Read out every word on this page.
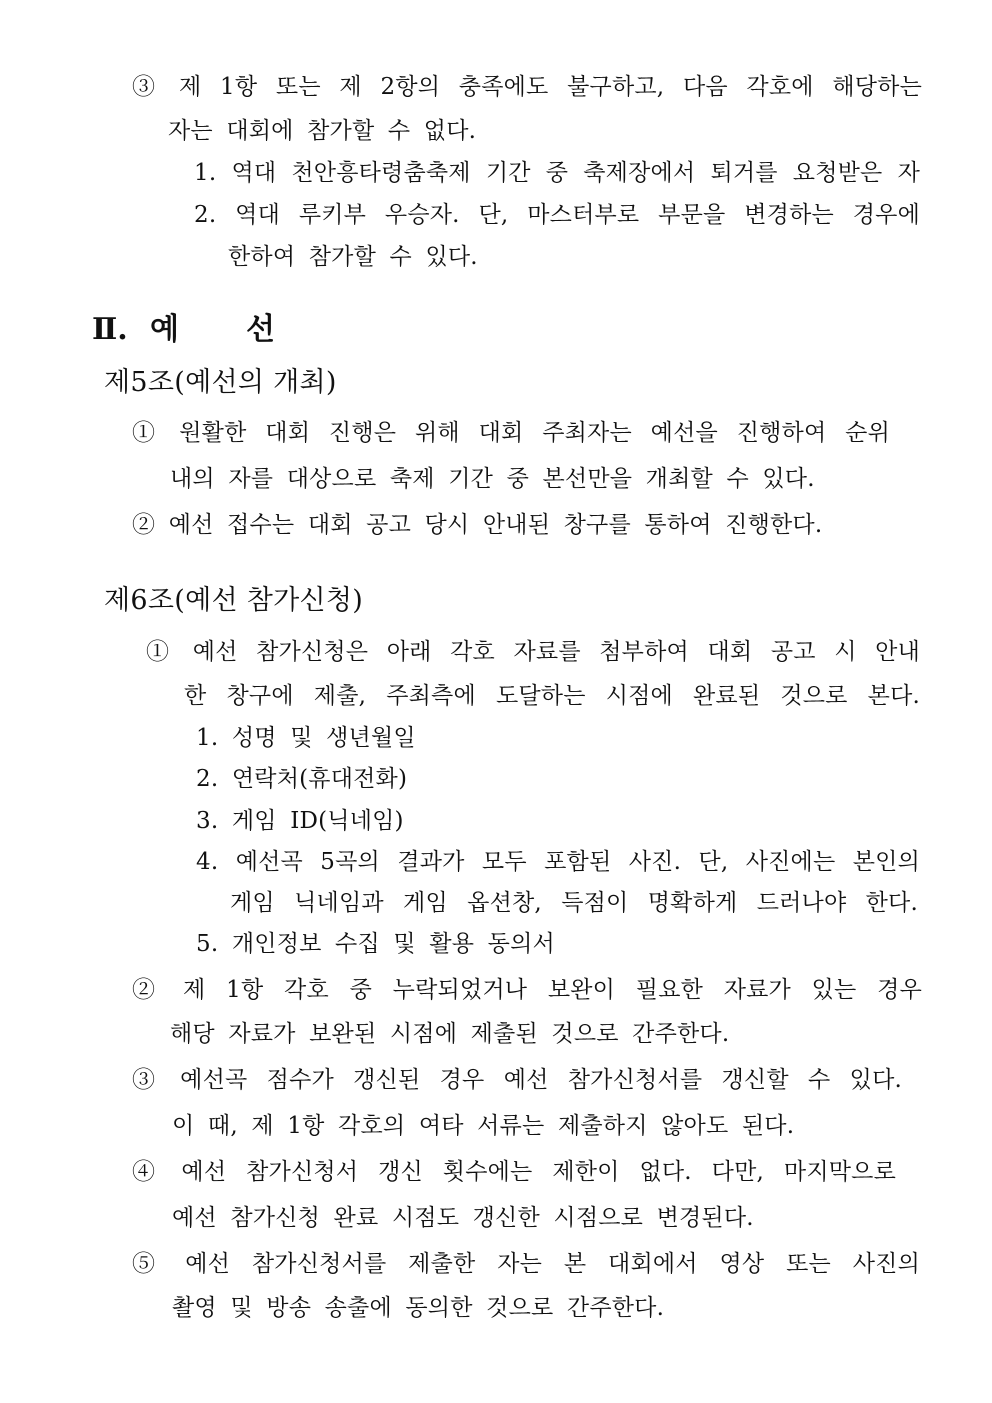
③ 제 1항 또는 제 2항의 충족에도 불구하고, 다음 각호에 해당하는
자는 대회에 참가할 수 없다.
1. 역대 천안흥타령춤축제 기간 중 축제장에서 퇴거를 요청받은 자
2. 역대 루키부 우승자. 단, 마스터부로 부문을 변경하는 경우에
한하여 참가할 수 있다.
Ⅱ. 예 선
제5조(예선의 개최)
① 원활한 대회 진행은 위해 대회 주최자는 예선을 진행하여 순위
내의 자를 대상으로 축제 기간 중 본선만을 개최할 수 있다.
② 예선 접수는 대회 공고 당시 안내된 창구를 통하여 진행한다.
제6조(예선 참가신청)
① 예선 참가신청은 아래 각호 자료를 첨부하여 대회 공고 시 안내
한 창구에 제출, 주최측에 도달하는 시점에 완료된 것으로 본다.
1. 성명 및 생년월일
2. 연락처(휴대전화)
3. 게임 ID(닉네임)
4. 예선곡 5곡의 결과가 모두 포함된 사진. 단, 사진에는 본인의
게임 닉네임과 게임 옵션창, 득점이 명확하게 드러나야 한다.
5. 개인정보 수집 및 활용 동의서
② 제 1항 각호 중 누락되었거나 보완이 필요한 자료가 있는 경우
해당 자료가 보완된 시점에 제출된 것으로 간주한다.
③ 예선곡 점수가 갱신된 경우 예선 참가신청서를 갱신할 수 있다.
이 때, 제 1항 각호의 여타 서류는 제출하지 않아도 된다.
④ 예선 참가신청서 갱신 횟수에는 제한이 없다. 다만, 마지막으로
예선 참가신청 완료 시점도 갱신한 시점으로 변경된다.
⑤ 예선 참가신청서를 제출한 자는 본 대회에서 영상 또는 사진의
촬영 및 방송 송출에 동의한 것으로 간주한다.
